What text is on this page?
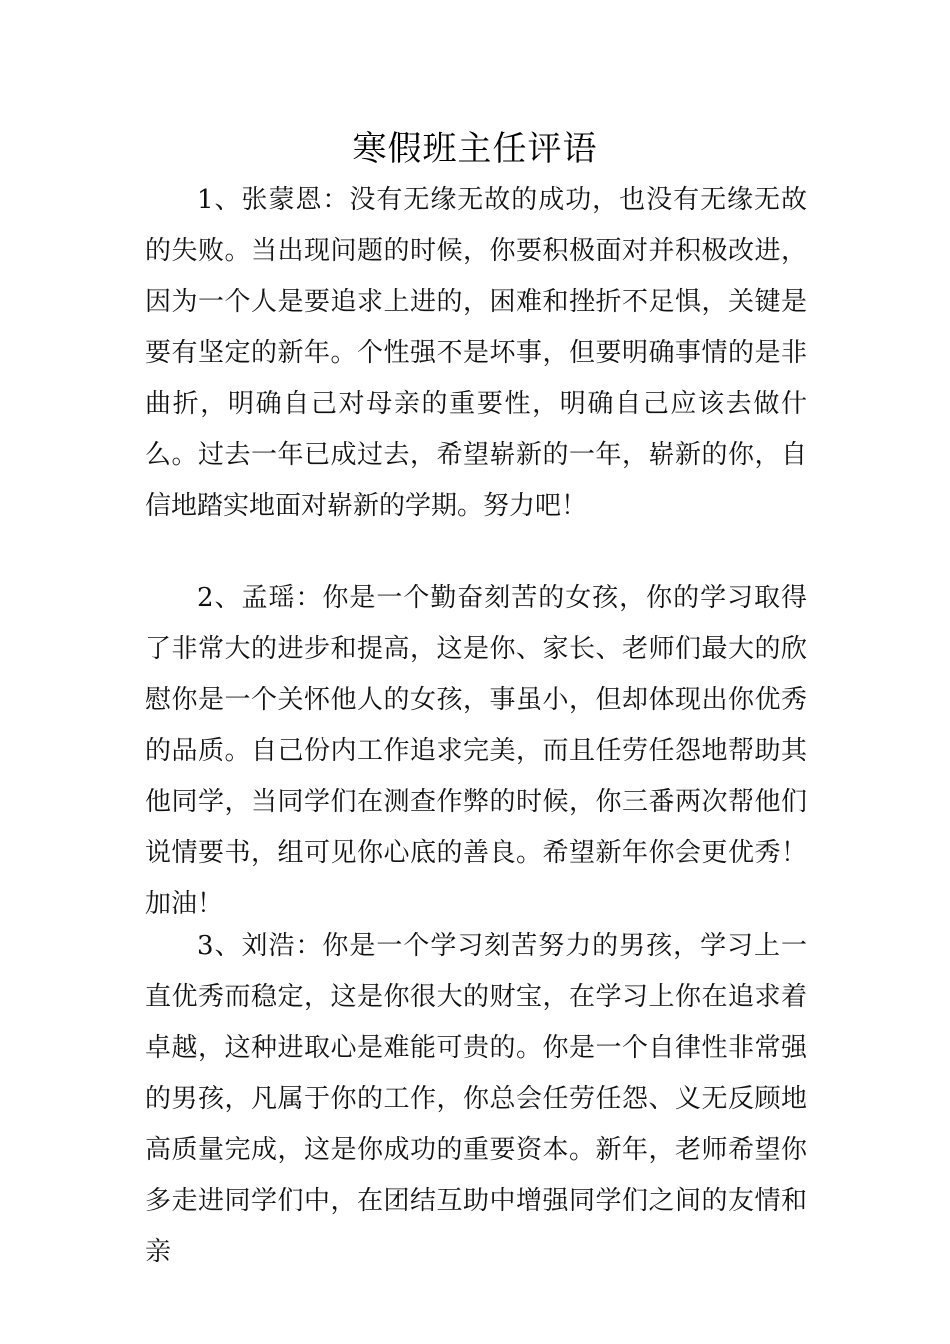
寒假班主任评语

1、张蒙恩：没有无缘无故的成功，也没有无缘无故的失败。当出现问题的时候，你要积极面对并积极改进，因为一个人是要追求上进的，困难和挫折不足惧，关键是要有坚定的新年。个性强不是坏事，但要明确事情的是非曲折，明确自己对母亲的重要性，明确自己应该去做什么。过去一年已成过去，希望崭新的一年，崭新的你，自信地踏实地面对崭新的学期。努力吧！

2、孟瑶：你是一个勤奋刻苦的女孩，你的学习取得了非常大的进步和提高，这是你、家长、老师们最大的欣慰你是一个关怀他人的女孩，事虽小，但却体现出你优秀的品质。自己份内工作追求完美，而且任劳任怨地帮助其他同学，当同学们在测查作弊的时候，你三番两次帮他们说情要书，组可见你心底的善良。希望新年你会更优秀！加油！

3、刘浩：你是一个学习刻苦努力的男孩，学习上一直优秀而稳定，这是你很大的财宝，在学习上你在追求着卓越，这种进取心是难能可贵的。你是一个自律性非常强的男孩，凡属于你的工作，你总会任劳任怨、义无反顾地高质量完成，这是你成功的重要资本。新年，老师希望你多走进同学们中，在团结互助中增强同学们之间的友情和亲
